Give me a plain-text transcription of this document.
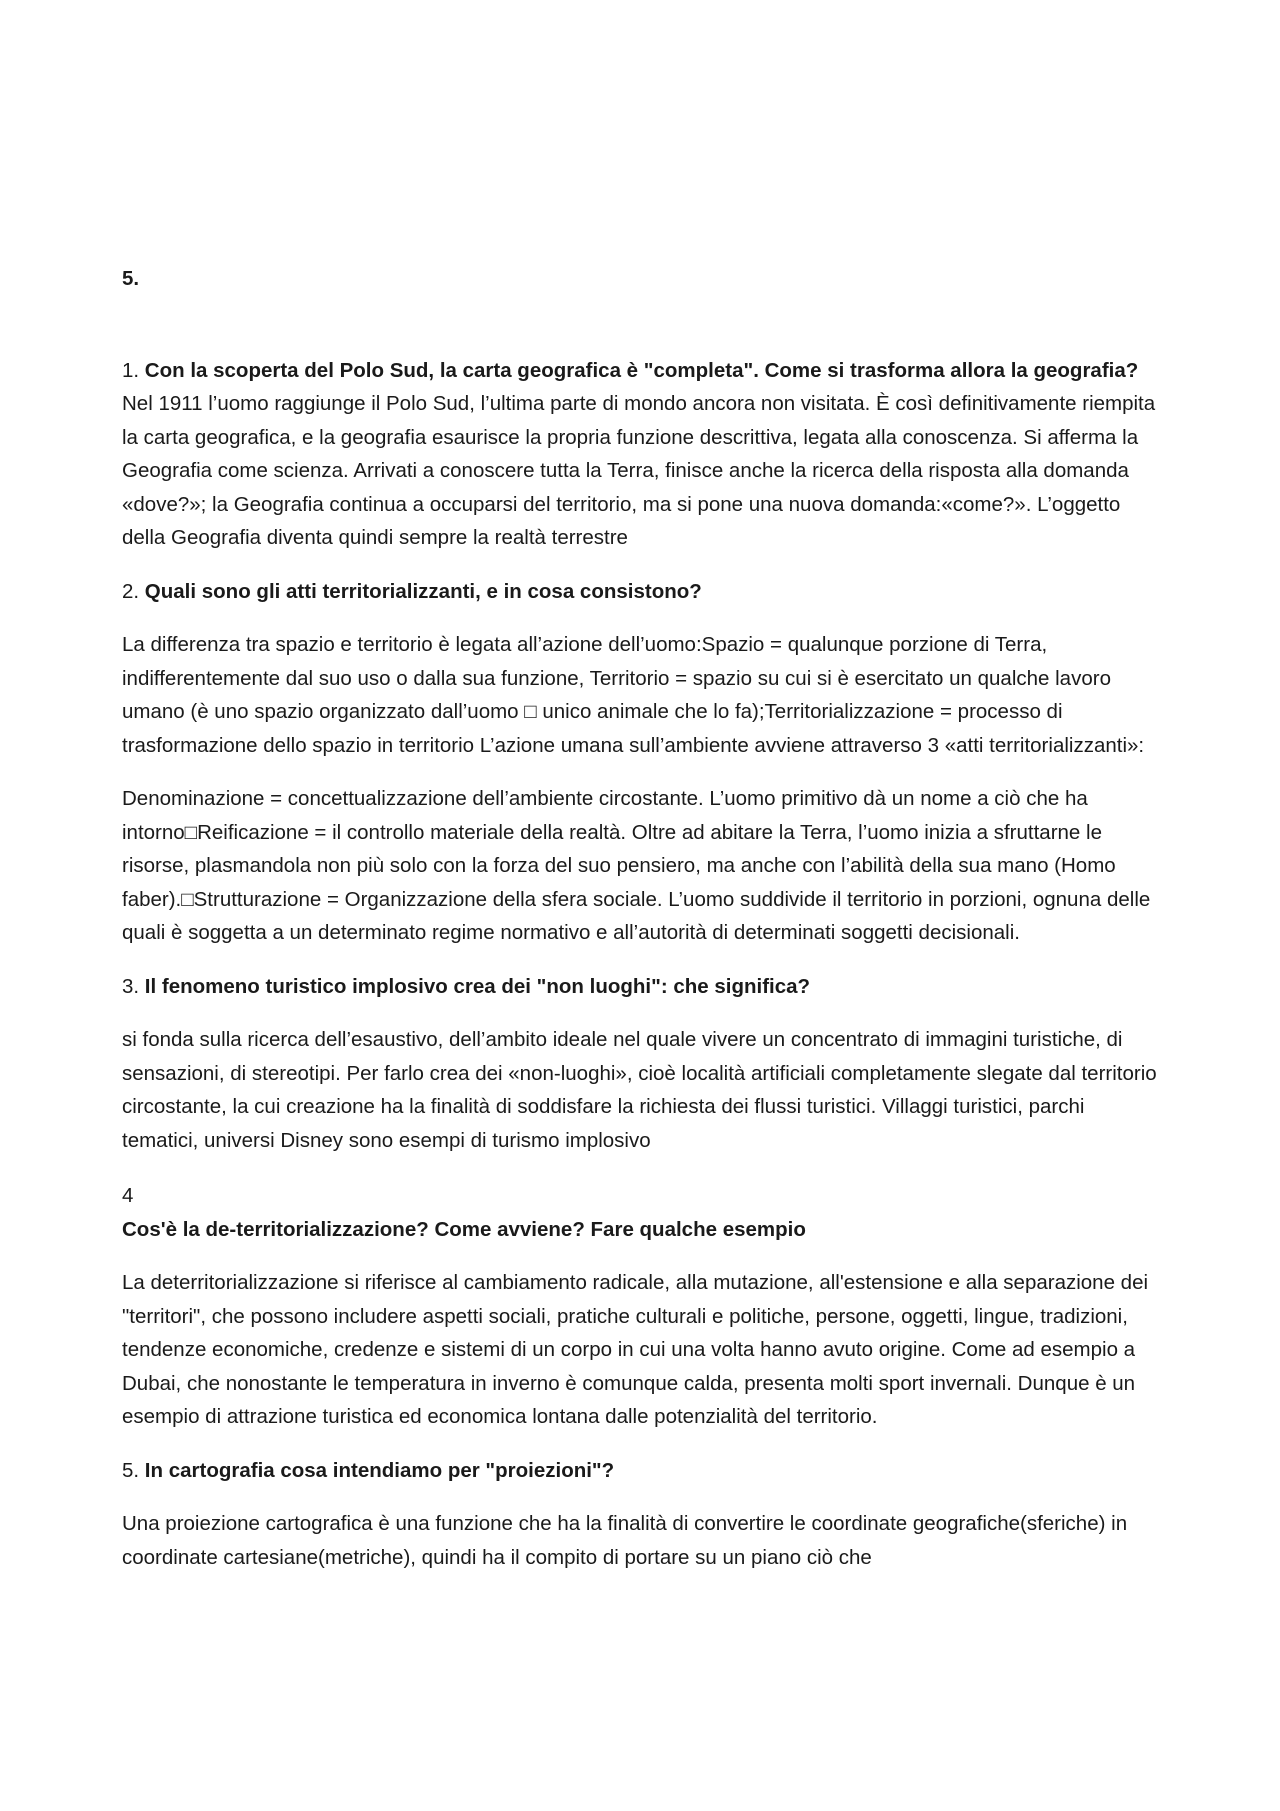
5.

1. Con la scoperta del Polo Sud, la carta geografica è "completa". Come si trasforma allora la geografia?

Nel 1911 l’uomo raggiunge il Polo Sud, l’ultima parte di mondo ancora non visitata. È così definitivamente riempita la carta geografica, e la geografia esaurisce la propria funzione descrittiva, legata alla conoscenza. Si afferma la Geografia come scienza. Arrivati a conoscere tutta la Terra, finisce anche la ricerca della risposta alla domanda «dove?»; la Geografia continua a occuparsi del territorio, ma si pone una nuova domanda:«come?». L’oggetto della Geografia diventa quindi sempre la realtà terrestre

2. Quali sono gli atti territorializzanti, e in cosa consistono?

La differenza tra spazio e territorio è legata all’azione dell’uomo:Spazio = qualunque porzione di Terra, indifferentemente dal suo uso o dalla sua funzione, Territorio = spazio su cui si è esercitato un qualche lavoro umano (è uno spazio organizzato dall’uomo □ unico animale che lo fa);Territorializzazione = processo di trasformazione dello spazio in territorio L’azione umana sull’ambiente avviene attraverso 3 «atti territorializzanti»:

Denominazione = concettualizzazione dell’ambiente circostante. L’uomo primitivo dà un nome a ciò che ha intorno□Reificazione = il controllo materiale della realtà. Oltre ad abitare la Terra, l’uomo inizia a sfruttarne le risorse, plasmandola non più solo con la forza del suo pensiero, ma anche con l’abilità della sua mano (Homo faber).□Strutturazione = Organizzazione della sfera sociale. L’uomo suddivide il territorio in porzioni, ognuna delle quali è soggetta a un determinato regime normativo e all’autorità di determinati soggetti decisionali.

3. Il fenomeno turistico implosivo crea dei "non luoghi": che significa?

si fonda sulla ricerca dell’esaustivo, dell’ambito ideale nel quale vivere un concentrato di immagini turistiche, di sensazioni, di stereotipi. Per farlo crea dei «non-luoghi», cioè località artificiali completamente slegate dal territorio circostante, la cui creazione ha la finalità di soddisfare la richiesta dei flussi turistici. Villaggi turistici, parchi tematici, universi Disney sono esempi di turismo implosivo

4

Cos'è la de-territorializzazione? Come avviene? Fare qualche esempio

La deterritorializzazione si riferisce al cambiamento radicale, alla mutazione, all'estensione e alla separazione dei "territori", che possono includere aspetti sociali, pratiche culturali e politiche, persone, oggetti, lingue, tradizioni, tendenze economiche, credenze e sistemi di un corpo in cui una volta hanno avuto origine. Come ad esempio a Dubai, che nonostante le temperatura in inverno è comunque calda, presenta molti sport invernali. Dunque è un esempio di attrazione turistica ed economica lontana dalle potenzialità del territorio.

5. In cartografia cosa intendiamo per "proiezioni"?

Una proiezione cartografica è una funzione che ha la finalità di convertire le coordinate geografiche(sferiche) in coordinate cartesiane(metriche), quindi ha il compito di portare su un piano ciò che
